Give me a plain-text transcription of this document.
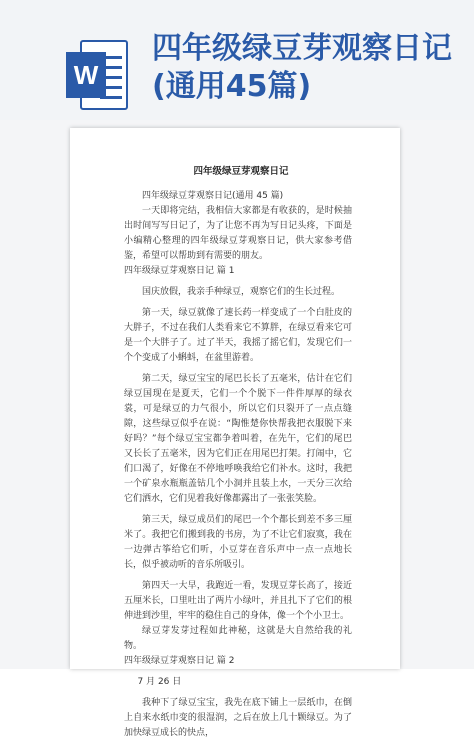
W
四年级绿豆芽观察日记(通用45篇)
四年级绿豆芽观察日记
四年级绿豆芽观察日记(通用 45 篇)
一天即将完结，我相信大家都是有收获的，是时候抽出时间写写日记了，为了让您不再为写日记头疼，下面是小编精心整理的四年级绿豆芽观察日记，供大家参考借鉴，希望可以帮助到有需要的朋友。
四年级绿豆芽观察日记 篇 1
国庆放假，我亲手种绿豆，观察它们的生长过程。
第一天，绿豆就像了速长药一样变成了一个白肚皮的大胖子，不过在我们人类看来它不算胖，在绿豆看来它可是一个大胖子了。过了半天，我摇了摇它们，发现它们一个个变成了小蝌蚪，在盆里游着。
第二天，绿豆宝宝的尾巴长长了五毫米，估计在它们绿豆国现在是夏天，它们一个个脱下一件件厚厚的绿衣裳，可是绿豆的力气很小，所以它们只裂开了一点点缝隙，这些绿豆似乎在说：“陶惟楚你快帮我把衣服脱下来好吗？”每个绿豆宝宝都争着叫着，在先午，它们的尾巴又长长了五毫米，因为它们正在用尾巴打架。打闹中，它们口渴了，好像在不停地呼唤我给它们补水。这时，我把一个矿泉水瓶瓶盖钻几个小洞并且装上水，一天分三次给它们洒水，它们见着我好像都露出了一张张笑脸。
第三天，绿豆成员们的尾巴一个个都长到差不多三厘米了。我把它们搬到我的书房，为了不让它们寂寞，我在一边弹古筝给它们听，小豆芽在音乐声中一点一点地长长，似乎被动听的音乐所吸引。
第四天一大早，我跑近一看，发现豆芽长高了，接近五厘米长，口里吐出了两片小绿叶，并且扎下了它们的根伸进到沙里，牢牢的稳住自己的身体，像一个个小卫士。
绿豆芽发芽过程如此神秘，这就是大自然给我的礼物。
四年级绿豆芽观察日记 篇 2
7 月 26 日
我种下了绿豆宝宝，我先在底下铺上一层纸巾，在倒上自来水纸巾变的很湿润，之后在放上几十颗绿豆。为了加快绿豆成长的快点，
